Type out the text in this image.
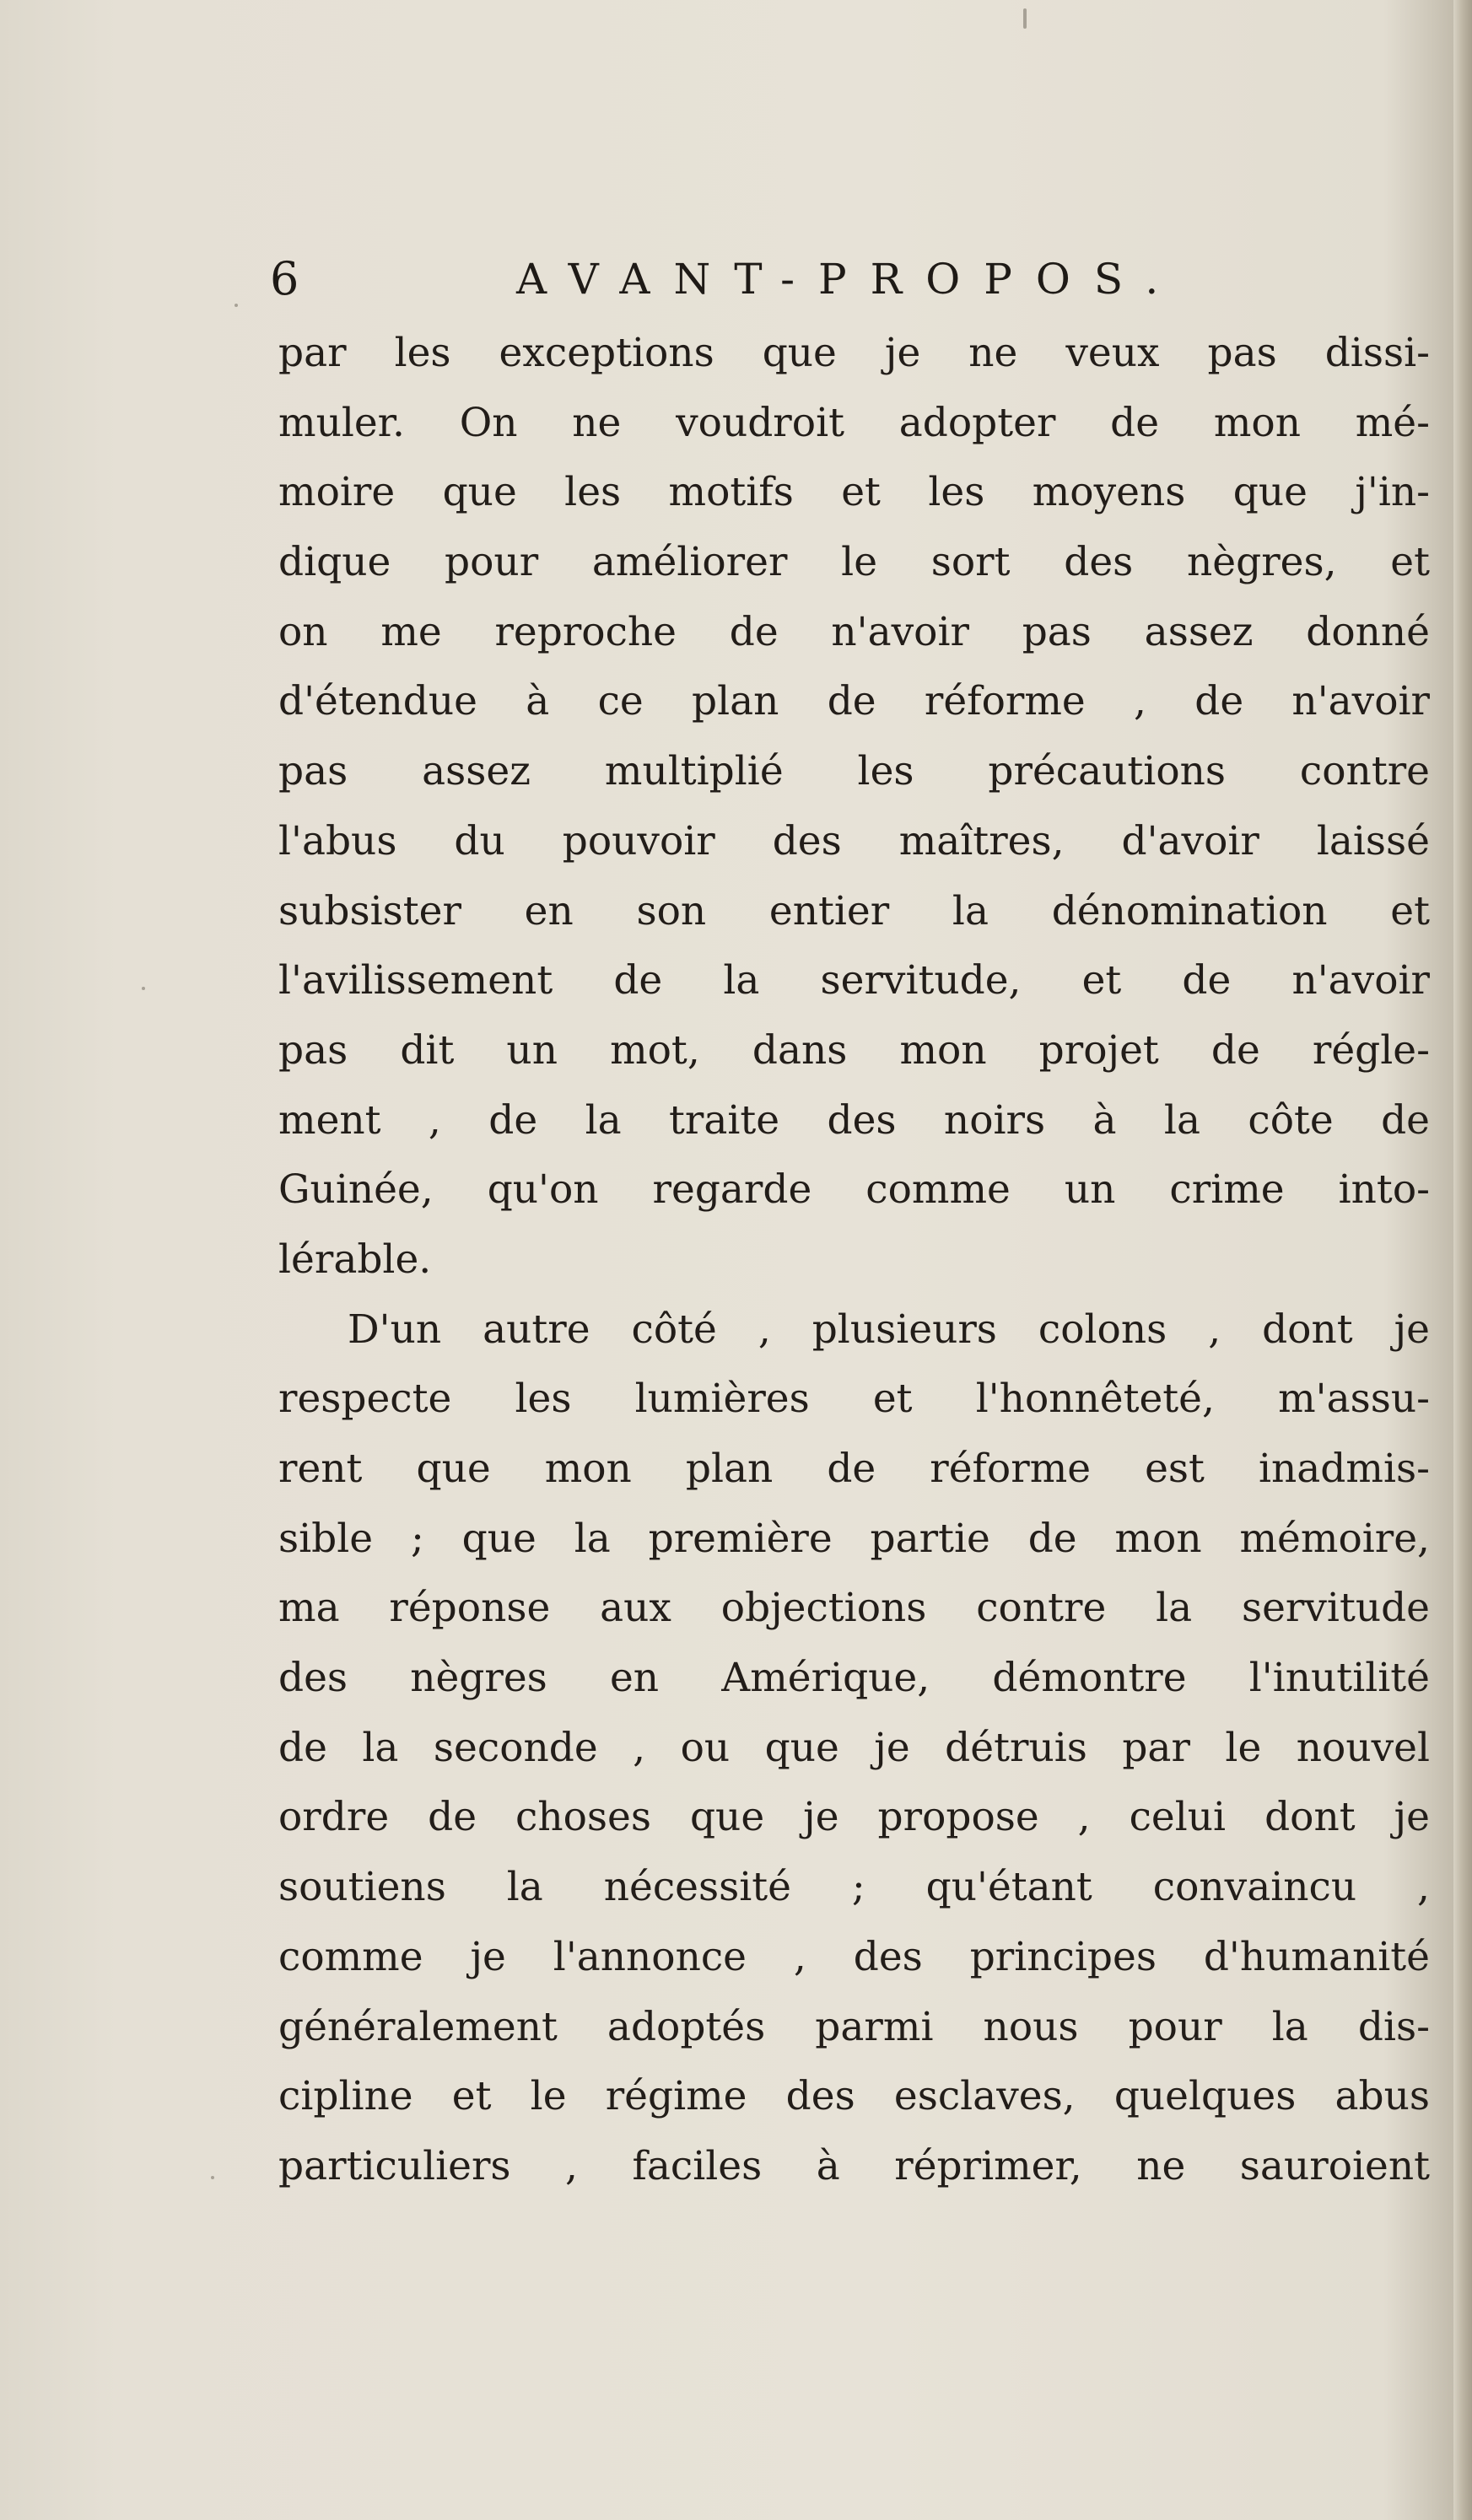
6	AVANT-PROPOS.
par les exceptions que je ne veux pas dissi-
muler. On ne voudroit adopter de mon mé-
moire que les motifs et les moyens que j'in-
dique pour améliorer le sort des nègres, et
on me reproche de n'avoir pas assez donné
d'étendue à ce plan de réforme , de n'avoir
pas assez multiplié les précautions contre
l'abus du pouvoir des maîtres, d'avoir laissé
subsister en son entier la dénomination et
l'avilissement de la servitude, et de n'avoir
pas dit un mot, dans mon projet de régle-
ment , de la traite des noirs à la côte de
Guinée, qu'on regarde comme un crime into-
lérable.
D'un autre côté , plusieurs colons , dont je
respecte les lumières et l'honnêteté, m'assu-
rent que mon plan de réforme est inadmis-
sible ; que la première partie de mon mémoire,
ma réponse aux objections contre la servitude
des nègres en Amérique, démontre l'inutilité
de la seconde , ou que je détruis par le nouvel
ordre de choses que je propose , celui dont je
soutiens la nécessité ; qu'étant convaincu ,
comme je l'annonce , des principes d'humanité
généralement adoptés parmi nous pour la dis-
cipline et le régime des esclaves, quelques abus
particuliers , faciles à réprimer, ne sauroient
